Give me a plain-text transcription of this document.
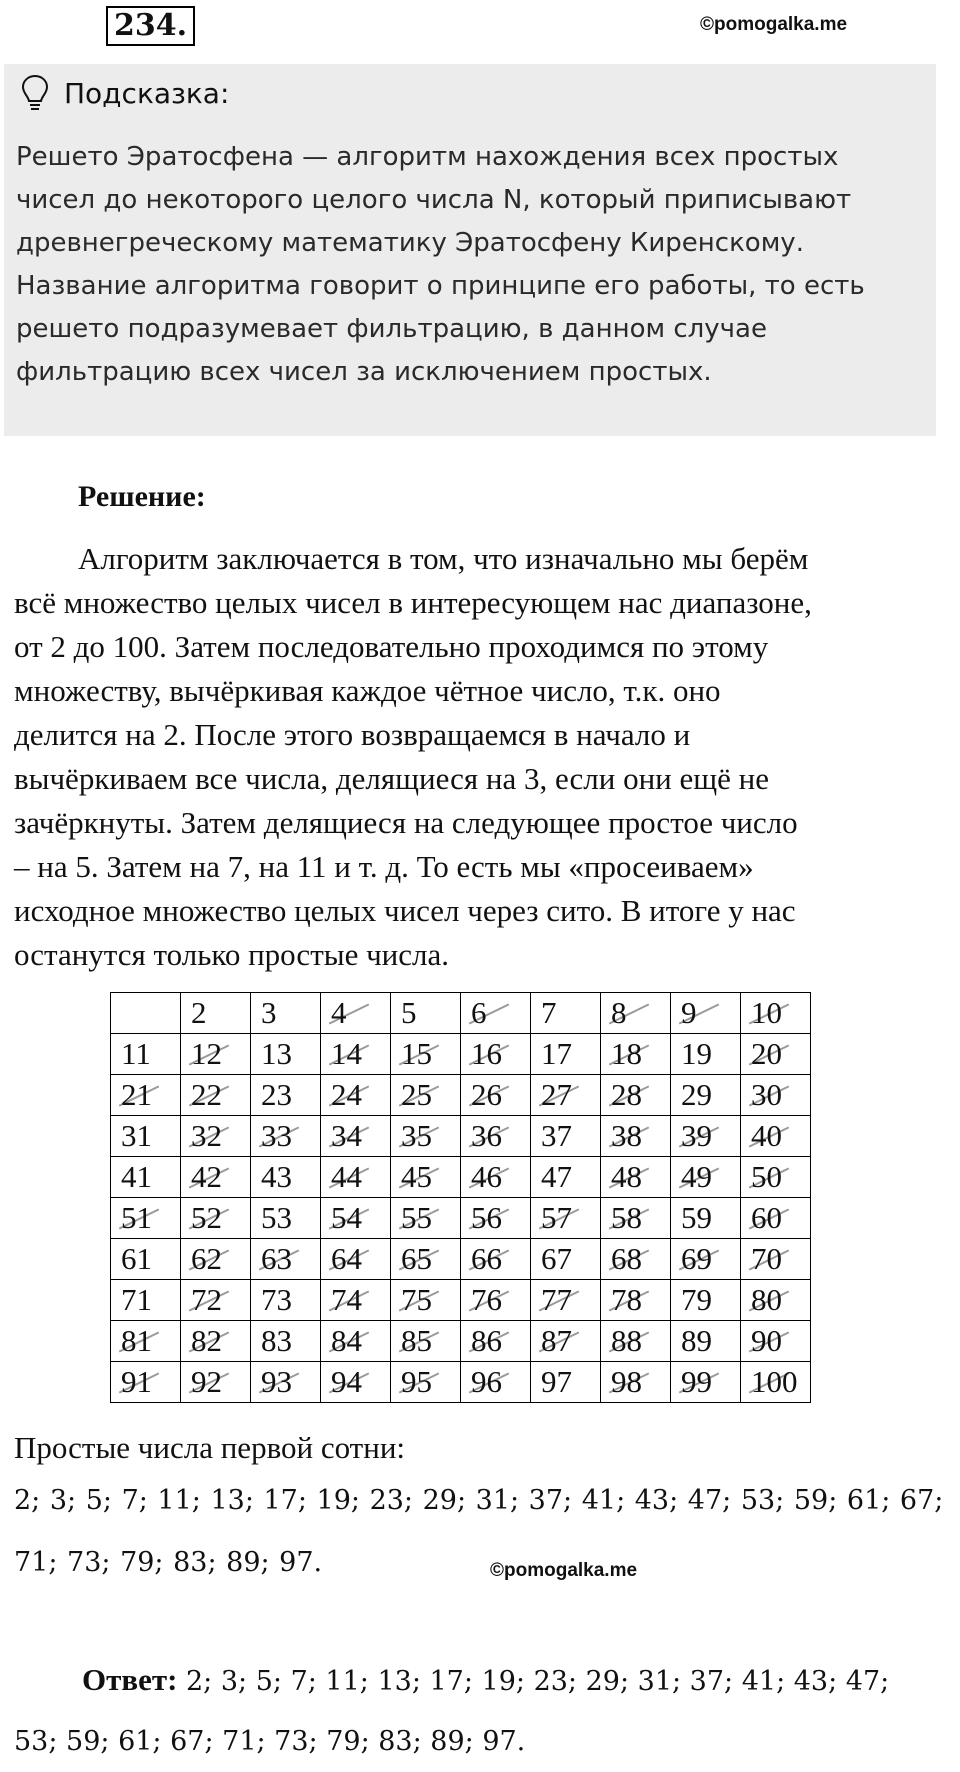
234.	©pomogalka.me
Подсказка:
Решето Эратосфена — алгоритм нахождения всех простых
чисел до некоторого целого числа N, который приписывают
древнегреческому математику Эратосфену Киренскому.
Название алгоритма говорит о принципе его работы, то есть
решето подразумевает фильтрацию, в данном случае
фильтрацию всех чисел за исключением простых.
Решение:
Алгоритм заключается в том, что изначально мы берём
всё множество целых чисел в интересующем нас диапазоне,
от 2 до 100. Затем последовательно проходимся по этому
множеству, вычёркивая каждое чётное число, т.к. оно
делится на 2. После этого возвращаемся в начало и
вычёркиваем все числа, делящиеся на 3, если они ещё не
зачёркнуты. Затем делящиеся на следующее простое число
– на 5. Затем на 7, на 11 и т. д. То есть мы «просеиваем»
исходное множество целых чисел через сито. В итоге у нас
останутся только простые числа.
	2	3	4	5	6	7	8	9	10
11	12	13	14	15	16	17	18	19	20
21	22	23	24	25	26	27	28	29	30
31	32	33	34	35	36	37	38	39	40
41	42	43	44	45	46	47	48	49	50
51	52	53	54	55	56	57	58	59	60
61	62	63	64	65	66	67	68	69	70
71	72	73	74	75	76	77	78	79	80
81	82	83	84	85	86	87	88	89	90
91	92	93	94	95	96	97	98	99	100
Простые числа первой сотни:
2; 3; 5; 7; 11; 13; 17; 19; 23; 29; 31; 37; 41; 43; 47; 53; 59; 61; 67;
71; 73; 79; 83; 89; 97.	©pomogalka.me
Ответ: 2; 3; 5; 7; 11; 13; 17; 19; 23; 29; 31; 37; 41; 43; 47;
53; 59; 61; 67; 71; 73; 79; 83; 89; 97.
